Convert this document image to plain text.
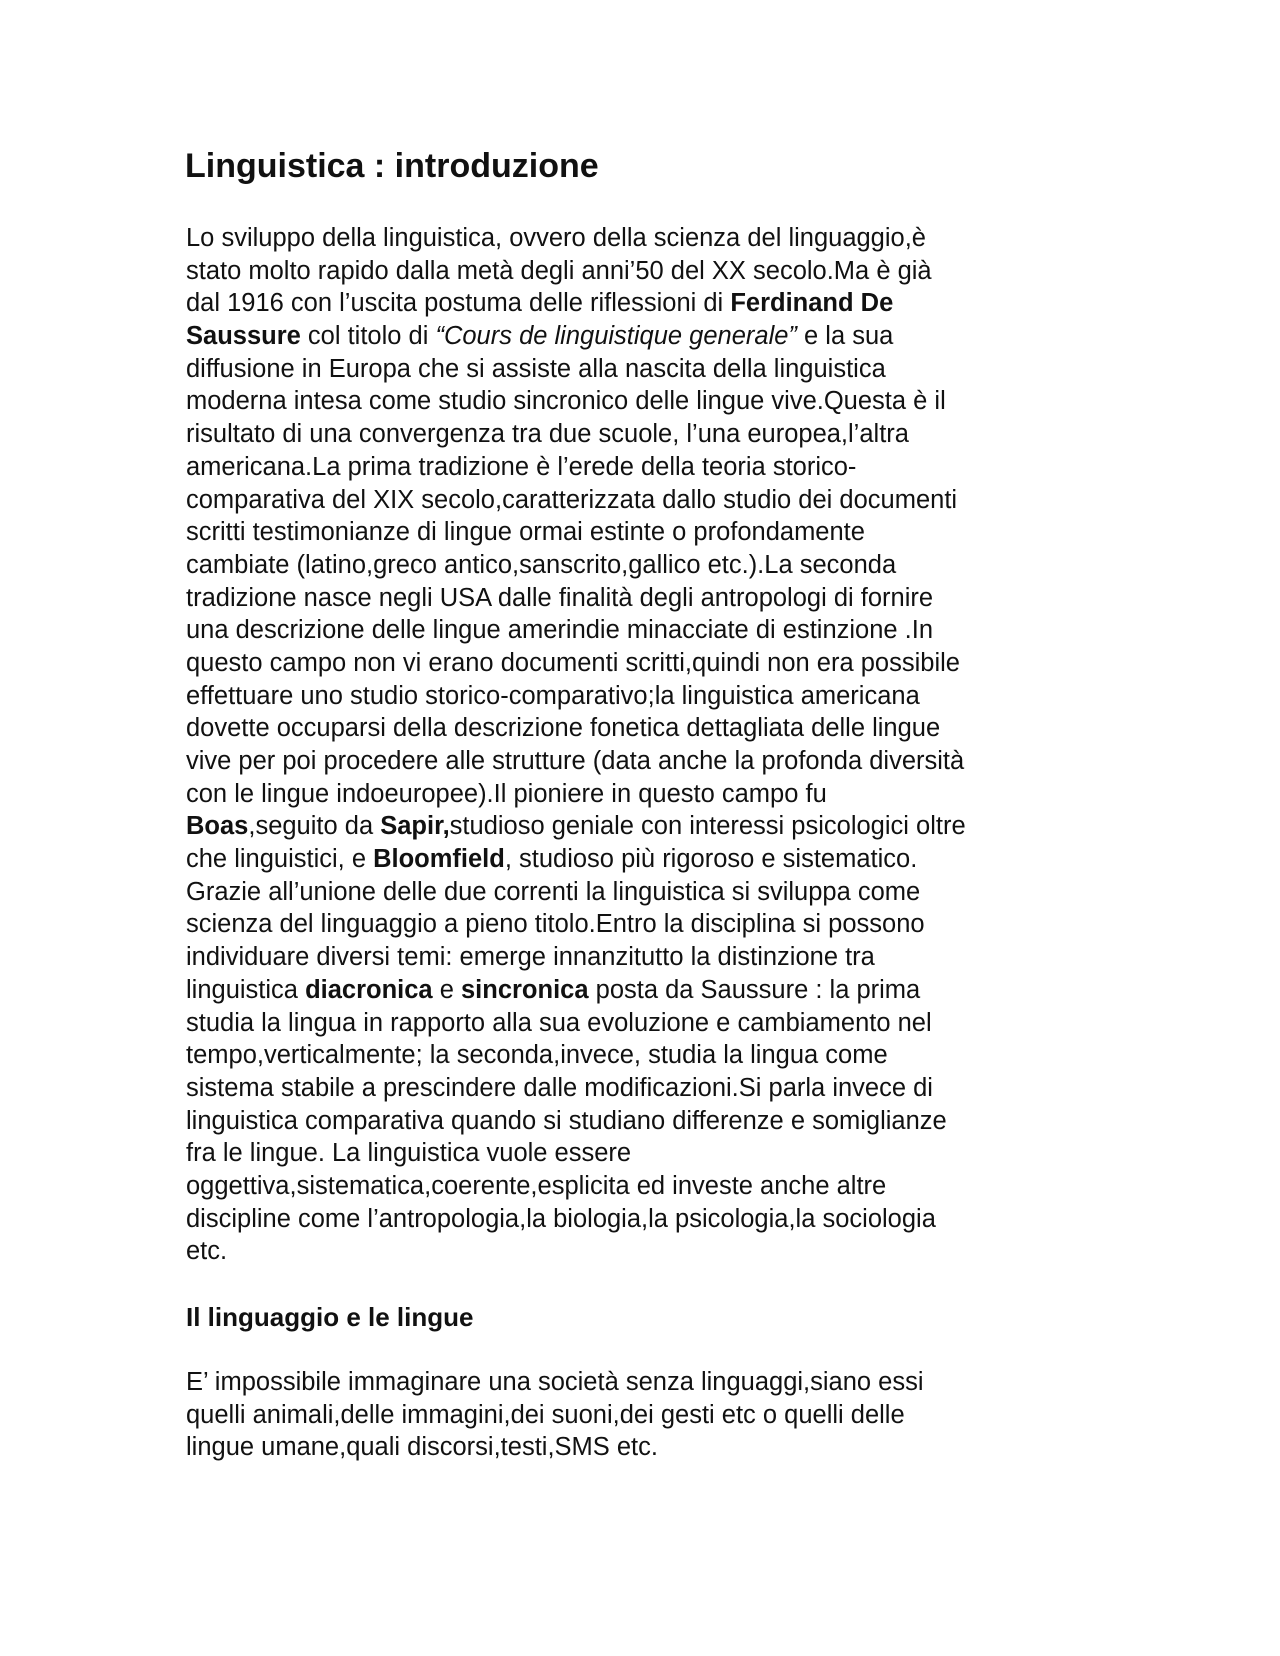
Linguistica : introduzione
Lo sviluppo della linguistica, ovvero della scienza del linguaggio,è
stato molto rapido dalla metà degli anni’50 del XX secolo.Ma è già
dal 1916 con l’uscita postuma delle riflessioni di Ferdinand De
Saussure col titolo di “Cours de linguistique generale” e la sua
diffusione in Europa che si assiste alla nascita della linguistica
moderna intesa come studio sincronico delle lingue vive.Questa è il
risultato di una convergenza tra due scuole, l’una europea,l’altra
americana.La prima tradizione è l’erede della teoria storico-
comparativa del XIX secolo,caratterizzata dallo studio dei documenti
scritti testimonianze di lingue ormai estinte o profondamente
cambiate (latino,greco antico,sanscrito,gallico etc.).La seconda
tradizione nasce negli USA dalle finalità degli antropologi di fornire
una descrizione delle lingue amerindie minacciate di estinzione .In
questo campo non vi erano documenti scritti,quindi non era possibile
effettuare uno studio storico-comparativo;la linguistica americana
dovette occuparsi della descrizione fonetica dettagliata delle lingue
vive per poi procedere alle strutture (data anche la profonda diversità
con le lingue indoeuropee).Il pioniere in questo campo fu
Boas,seguito da Sapir,studioso geniale con interessi psicologici oltre
che linguistici, e Bloomfield, studioso più rigoroso e sistematico.
Grazie all’unione delle due correnti la linguistica si sviluppa come
scienza del linguaggio a pieno titolo.Entro la disciplina si possono
individuare diversi temi: emerge innanzitutto la distinzione tra
linguistica diacronica e sincronica posta da Saussure : la prima
studia la lingua in rapporto alla sua evoluzione e cambiamento nel
tempo,verticalmente; la seconda,invece, studia la lingua come
sistema stabile a prescindere dalle modificazioni.Si parla invece di
linguistica comparativa quando si studiano differenze e somiglianze
fra le lingue. La linguistica vuole essere
oggettiva,sistematica,coerente,esplicita ed investe anche altre
discipline come l’antropologia,la biologia,la psicologia,la sociologia
etc.
Il linguaggio e le lingue
E’ impossibile immaginare una società senza linguaggi,siano essi
quelli animali,delle immagini,dei suoni,dei gesti etc o quelli delle
lingue umane,quali discorsi,testi,SMS etc.
